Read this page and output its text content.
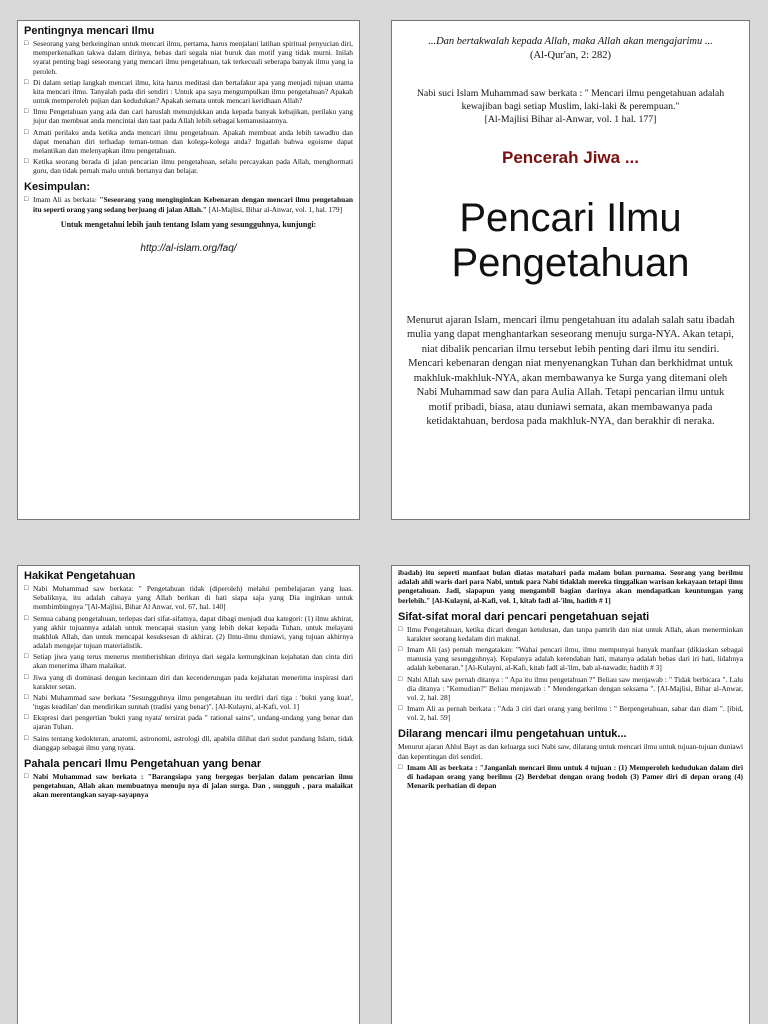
Pentingnya mencari Ilmu
□ Seseorang yang berkeinginan untuk mencari ilmu, pertama, harus menjalani latihan spiritual penyucian diri, memperkenalkan takwa dalam dirinya, bebas dari segala niat buruk dan motif yang tidak murni. Inilah syarat penting bagi seseorang yang mencari ilmu pengetahuan, tak terkecuali seberapa banyak ilmu yang ia peroleh.
□ Di dalam setiap langkah mencari ilmu, kita harus meditasi dan bertafakur apa yang menjadi tujuan utama kita mencari ilmu. Tanyalah pada diri sendiri : Untuk apa saya mengumpulkan ilmu pengetahuan? Apakah untuk memperoleh pujian dan kedudukan? Apakah semata untuk mencari keridhaan Allah?
□ Ilmu Pengetahuan yang ada dan cari haruslah menunjukkan anda kepada banyak kebajikan, perilaku yang jujur dan membuat anda mencintai dan taat pada Allah lebih sebagai kemanusiaannya.
□ Amati perilaku anda ketika anda mencari ilmu pengetahuan. Apakah membuat anda lebih tawadhu dan dapat menahan diri terhadap teman-teman dan kolega-kolega anda? Ingatlah bahwa egoisme dapat melantikan dan melenyapkan ilmu pengetahuan.
□ Ketika seorang berada di jalan pencarian ilmu pengetahuan, selalu percayakan pada Allah, menghormati guru, dan tidak pernah malu untuk bertanya dan belajar.
Kesimpulan:
□ Imam Ali as berkata: "Seseorang yang menginginkan Kebenaran dengan mencari ilmu pengetahuan itu seperti orang yang sedang berjuang di jalan Allah." [Al-Majlisi, Bihar al-Anwar, vol. 1, hal. 179]
Untuk mengetahui lebih jauh tentang Islam yang sesungguhnya, kunjungi:
http://al-islam.org/faq/
...Dan bertakwalah kepada Allah, maka Allah akan mengajarimu ...
(Al-Qur'an, 2: 282)
Nabi suci Islam Muhammad saw berkata : " Mencari ilmu pengetahuan adalah kewajiban bagi setiap Muslim, laki-laki & perempuan."
[Al-Majlisi Bihar al-Anwar, vol. 1 hal. 177]
Pencerah Jiwa ...
Pencari Ilmu
Pengetahuan
Menurut ajaran Islam, mencari ilmu pengetahuan itu adalah salah satu ibadah mulia yang dapat menghantarkan seseorang menuju surga-NYA. Akan tetapi, niat dibalik pencarian ilmu tersebut lebih penting dari ilmu itu sendiri. Mencari kebenaran dengan niat menyenangkan Tuhan dan berkhidmat untuk makhluk-makhluk-NYA, akan membawanya ke Surga yang ditemani oleh Nabi Muhammad saw dan para Aulia Allah. Tetapi pencarian ilmu untuk motif pribadi, biasa, atau duniawi semata, akan membawanya pada ketidaktahuan, berdosa pada makhluk-NYA, dan berakhir di neraka.
Hakikat Pengetahuan
□ Nabi Muhammad saw berkata: " Pengetahuan tidak (diperoleh) melalui pembelajaran yang luas. Sebaliknya, itu adalah cahaya yang Allah berikan di hati siapa saja yang Dia inginkan untuk membimbingnya "[Al-Majlisi, Bihar Al Anwar, vol. 67, hal. 140]
□ Semua cabang pengetahuan, terlepas dari sifat-sifatnya, dapat dibagi menjadi dua kategori: (1) ilmu akhirat, yang akhir tujuannya adalah untuk mencapai stasiun yang lebih dekat kepada Tuhan, untuk melayani makhluk Allah, dan untuk mencapai kesuksesan di akhirat. (2) Ilmu-ilmu duniawi, yang tujuan akhirnya adalah mengejar tujuan materialistik.
□ Setiap jiwa yang terus menerus memberishkan dirinya dari segala kemungkinan kejahatan dan cinta diri akan menerima ilham malaikat.
□ Jiwa yang di dominasi dengan kecintaan diri dan kecenderungan pada kejahatan menerima inspirasi dari karakter setan.
□ Nabi Muhammad saw berkata "Sesungguhnya ilmu pengetahuan itu terdiri dari tiga : 'bukti yang kuat', 'tugas keadilan' dan mendirikan sunnah (tradisi yang benar)". [Al-Kulayni, al-Kafi, vol. 1]
□ Ekspresi dari pengertian 'bukti yang nyata' tersirat pada " rational sains", undang-undang yang benar dan ajaran Tuhan.
□ Sains tentang kedokteran, anatomi, astronomi, astrologi dll, apabila dilihat dari sudut pandang Islam, tidak dianggap sebagai ilmu yang nyata.
Pahala pencari Ilmu Pengetahuan yang benar
□ Nabi Muhammad saw berkata : "Barangsiapa yang bergegas berjalan dalam pencarian ilmu pengetahuan, Allah akan membuatnya menuju nya di jalan surga. Dan , sungguh , para malaikat akan merentangkan sayap-sayapnya

ibadah) itu seperti manfaat bulan diatas matahari pada malam bulan purnama. Seorang yang berilmu adalah ahli waris dari para Nabi, untuk para Nabi tidaklah mereka tinggalkan warisan kekayaan tetapi ilmu pengetahuan. Jadi, siapapun yang mengambil bagian darinya akan mendapatkan keuntungan yang berlebih." [Al-Kulayni, al-Kafi, vol. 1, kitab fadl al-'ilm, hadith # 1]

Sifat-sifat moral dari pencari pengetahuan sejati
□ Ilmu Pengetahuan, ketika dicari dengan ketulusan, dan tanpa pamrih dan niat untuk Allah, akan menerminkan karakter seorang kedalam diri maknal.
□ Imam Ali (as) pernah mengatakan: "Wahai pencari ilmu, ilmu mempunyai banyak manfaat (dikiaskan sebagai manusia yang sesungguhnya). Kepalanya adalah kerendahan hati, matanya adalah bebas dari iri hati, lidahnya adalah kebenaran." [Al-Kulayni, al-Kafi, kitab fadl al-'ilm, bab al-nawadir, hadith # 3]
□ Nabi Allah saw pernah ditanya : " Apa itu ilmu pengetahuan ?" Beliau saw menjawab : " Tidak berbicara ". Lalu dia ditanya : "Kemudian?" Beliau menjawab : " Mendengarkan dengan seksama ". [Al-Majlisi, Bihar al-Anwar, vol. 2, hal. 28]
□ Imam Ali as pernah berkata : "Ada 3 ciri dari orang yang berilmu : " Berpengetahuan, sabar dan diam ". [ibid, vol. 2, hal. 59]
Dilarang mencari ilmu pengetahuan untuk...

Menurut ajaran Ahlul Bayt as dan keluarga suci Nabi saw, dilarang untuk mencari ilmu untuk tujuan-tujuan duniawi dan kepentingan diri sendiri.

□ Imam Ali as berkata : "Janganlah mencari ilmu untuk 4 tujuan : (1) Memperoleh kedudukan dalam diri di hadapan orang yang berilmu (2) Berdebat dengan orang bodoh (3) Pamer diri di depan orang (4) Menarik perhatian di depan
